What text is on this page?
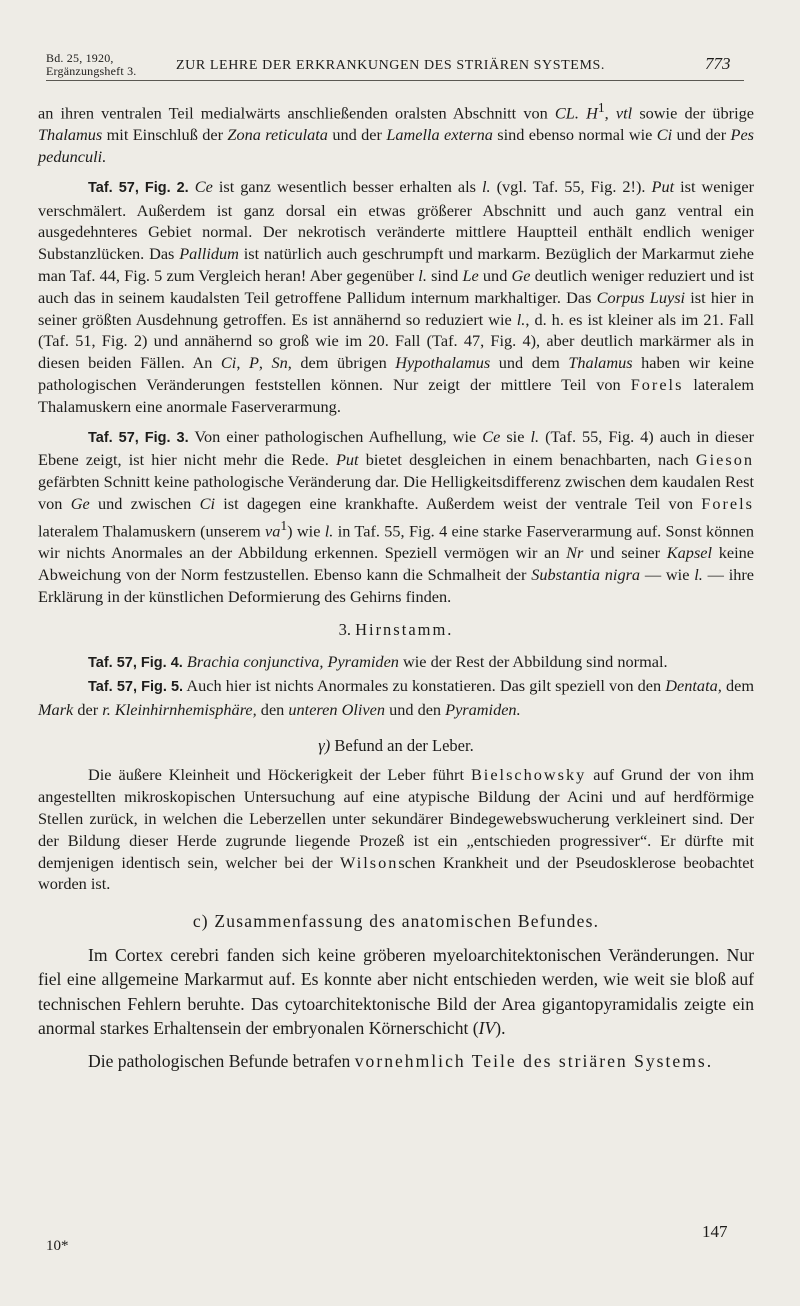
Bd. 25, 1920,
Ergänzungsheft 3.	ZUR LEHRE DER ERKRANKUNGEN DES STRIÄREN SYSTEMS.	773

an ihren ventralen Teil medialwärts anschließenden oralsten Abschnitt von CL. $H^1$, vtl sowie der übrige Thalamus mit Einschluß der Zona reticulata und der Lamella externa sind ebenso normal wie Ci und der Pes pedunculi.

Taf. 57, Fig. 2. Ce ist ganz wesentlich besser erhalten als l. (vgl. Taf. 55, Fig. 2!). Put ist weniger verschmälert. Außerdem ist ganz dorsal ein etwas größerer Abschnitt und auch ganz ventral ein ausgedehnteres Gebiet normal. Der nekrotisch veränderte mittlere Hauptteil enthält endlich weniger Substanzlücken. Das Pallidum ist natürlich auch geschrumpft und markarm. Bezüglich der Markarmut ziehe man Taf. 44, Fig. 5 zum Vergleich heran! Aber gegenüber l. sind Le und Ge deutlich weniger reduziert und ist auch das in seinem kaudalsten Teil getroffene Pallidum internum markhaltiger. Das Corpus Luysi ist hier in seiner größten Ausdehnung getroffen. Es ist annähernd so reduziert wie l., d. h. es ist kleiner als im 21. Fall (Taf. 51, Fig. 2) und annähernd so groß wie im 20. Fall (Taf. 47, Fig. 4), aber deutlich markärmer als in diesen beiden Fällen. An Ci, P, Sn, dem übrigen Hypothalamus und dem Thalamus haben wir keine pathologischen Veränderungen feststellen können. Nur zeigt der mittlere Teil von Forels lateralem Thalamuskern eine anormale Faserverarmung.

Taf. 57, Fig. 3. Von einer pathologischen Aufhellung, wie Ce sie l. (Taf. 55, Fig. 4) auch in dieser Ebene zeigt, ist hier nicht mehr die Rede. Put bietet desgleichen in einem benachbarten, nach Gieson gefärbten Schnitt keine pathologische Veränderung dar. Die Helligkeitsdifferenz zwischen dem kaudalen Rest von Ge und zwischen Ci ist dagegen eine krankhafte. Außerdem weist der ventrale Teil von Forels lateralem Thalamuskern (unserem $va^1$) wie l. in Taf. 55, Fig. 4 eine starke Faserverarmung auf. Sonst können wir nichts Anormales an der Abbildung erkennen. Speziell vermögen wir an Nr und seiner Kapsel keine Abweichung von der Norm festzustellen. Ebenso kann die Schmalheit der Substantia nigra — wie l. — ihre Erklärung in der künstlichen Deformierung des Gehirns finden.

3. Hirnstamm.

Taf. 57, Fig. 4. Brachia conjunctiva, Pyramiden wie der Rest der Abbildung sind normal.

Taf. 57, Fig. 5. Auch hier ist nichts Anormales zu konstatieren. Das gilt speziell von den Dentata, dem Mark der r. Kleinhirnhemisphäre, den unteren Oliven und den Pyramiden.

γ) Befund an der Leber.

Die äußere Kleinheit und Höckerigkeit der Leber führt Bielschowsky auf Grund der von ihm angestellten mikroskopischen Untersuchung auf eine atypische Bildung der Acini und auf herdförmige Stellen zurück, in welchen die Leberzellen unter sekundärer Bindegewebswucherung verkleinert sind. Der der Bildung dieser Herde zugrunde liegende Prozeß ist ein „entschieden progressiver“. Er dürfte mit demjenigen identisch sein, welcher bei der Wilsonschen Krankheit und der Pseudosklerose beobachtet worden ist.

c) Zusammenfassung des anatomischen Befundes.

Im Cortex cerebri fanden sich keine gröberen myeloarchitektonischen Veränderungen. Nur fiel eine allgemeine Markarmut auf. Es konnte aber nicht entschieden werden, wie weit sie bloß auf technischen Fehlern beruhte. Das cytoarchitektonische Bild der Area gigantopyramidalis zeigte ein anormal starkes Erhaltensein der embryonalen Körnerschicht (IV).

Die pathologischen Befunde betrafen vornehmlich Teile des striären Systems.

10*
147
